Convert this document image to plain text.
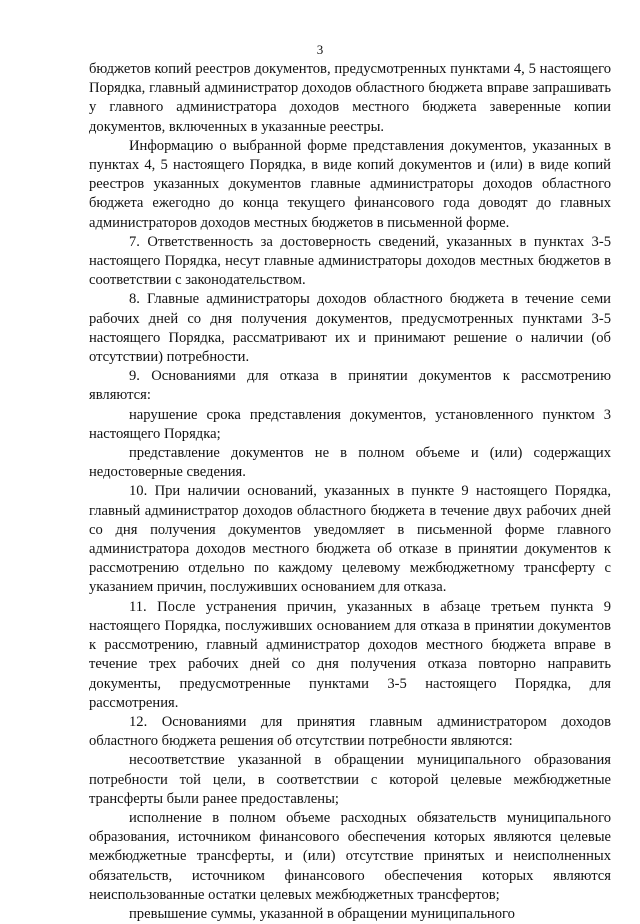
3

бюджетов копий реестров документов, предусмотренных пунктами 4, 5 настоящего Порядка, главный администратор доходов областного бюджета вправе запрашивать у главного администратора доходов местного бюджета заверенные копии документов, включенных в указанные реестры.

Информацию о выбранной форме представления документов, указанных в пунктах 4, 5 настоящего Порядка, в виде копий документов и (или) в виде копий реестров указанных документов главные администраторы доходов областного бюджета ежегодно до конца текущего финансового года доводят до главных администраторов доходов местных бюджетов в письменной форме.

7. Ответственность за достоверность сведений, указанных в пунктах 3-5 настоящего Порядка, несут главные администраторы доходов местных бюджетов в соответствии с законодательством.

8. Главные администраторы доходов областного бюджета в течение семи рабочих дней со дня получения документов, предусмотренных пунктами 3-5 настоящего Порядка, рассматривают их и принимают решение о наличии (об отсутствии) потребности.

9. Основаниями для отказа в принятии документов к рассмотрению являются:

нарушение срока представления документов, установленного пунктом 3 настоящего Порядка;

представление документов не в полном объеме и (или) содержащих недостоверные сведения.

10. При наличии оснований, указанных в пункте 9 настоящего Порядка, главный администратор доходов областного бюджета в течение двух рабочих дней со дня получения документов уведомляет в письменной форме главного администратора доходов местного бюджета об отказе в принятии документов к рассмотрению отдельно по каждому целевому межбюджетному трансферту с указанием причин, послуживших основанием для отказа.

11. После устранения причин, указанных в абзаце третьем пункта 9 настоящего Порядка, послуживших основанием для отказа в принятии документов к рассмотрению, главный администратор доходов местного бюджета вправе в течение трех рабочих дней со дня получения отказа повторно направить документы, предусмотренные пунктами 3-5 настоящего Порядка, для рассмотрения.

12. Основаниями для принятия главным администратором доходов областного бюджета решения об отсутствии потребности являются:

несоответствие указанной в обращении муниципального образования потребности той цели, в соответствии с которой целевые межбюджетные трансферты были ранее предоставлены;

исполнение в полном объеме расходных обязательств муниципального образования, источником финансового обеспечения которых являются целевые межбюджетные трансферты, и (или) отсутствие принятых и неисполненных обязательств, источником финансового обеспечения которых являются неиспользованные остатки целевых межбюджетных трансфертов;

превышение суммы, указанной в обращении муниципального
